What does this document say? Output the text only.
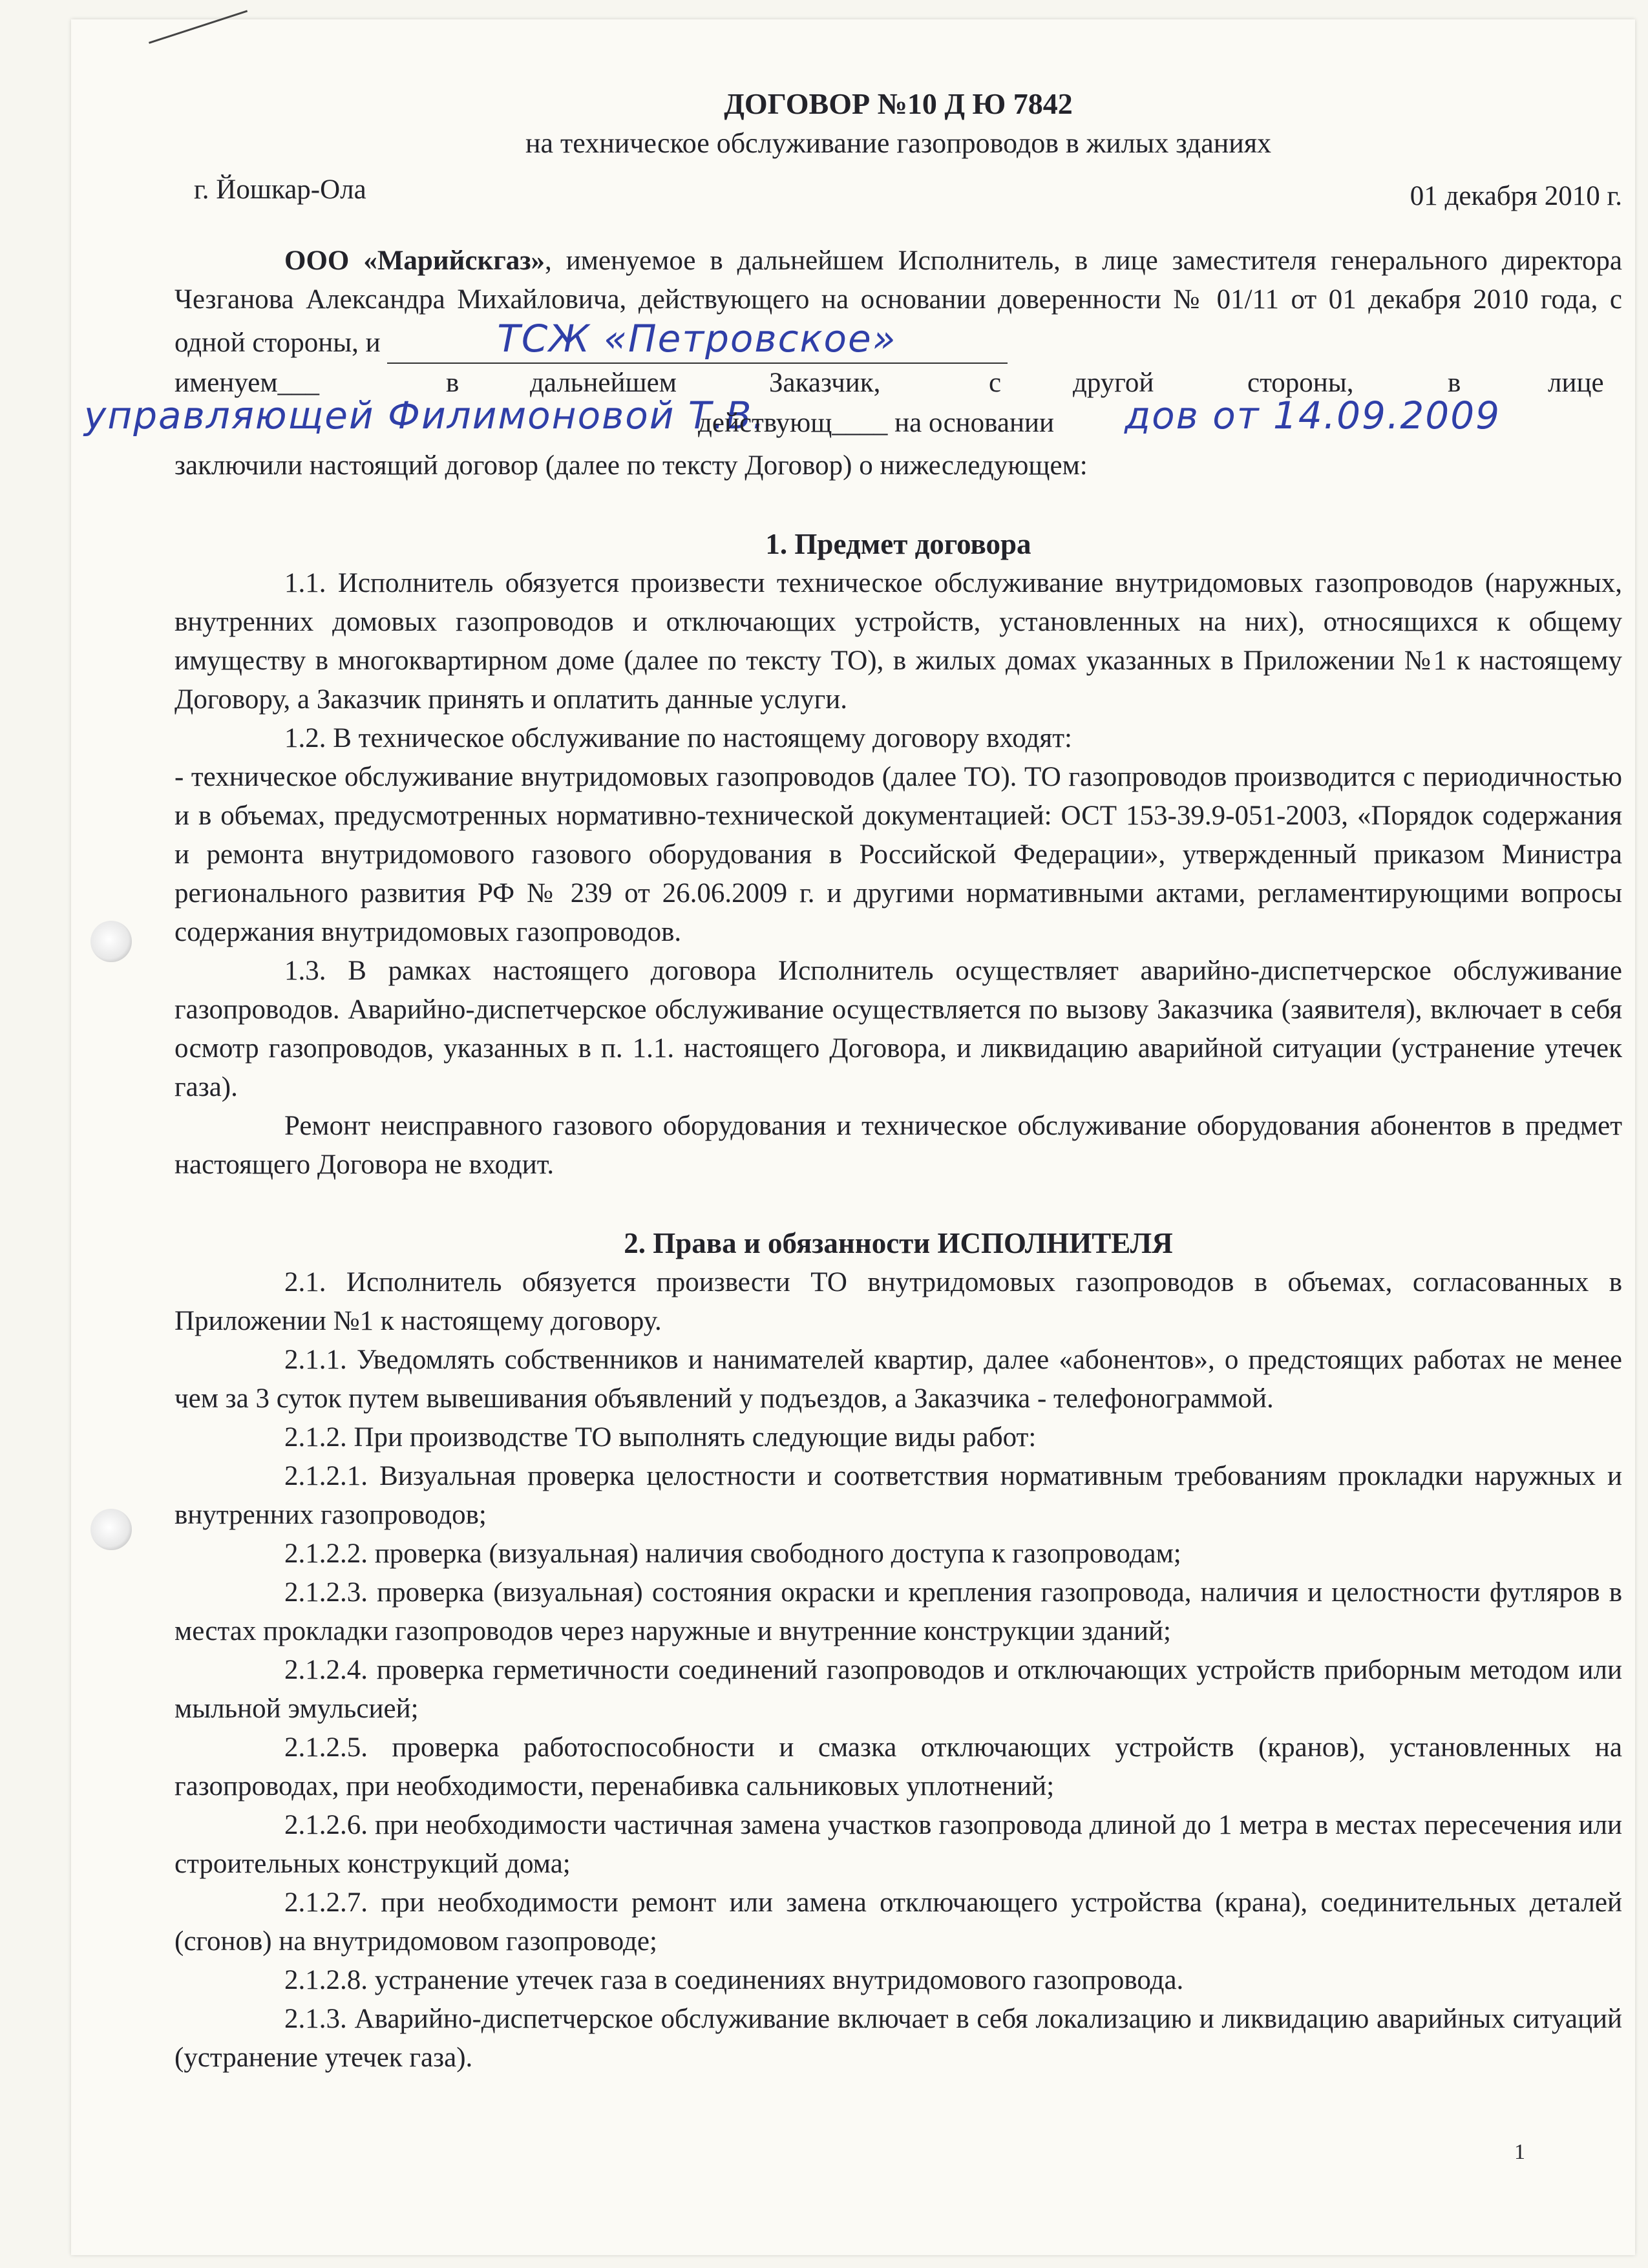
ДОГОВОР №10 Д Ю 7842
на техническое обслуживание газопроводов в жилых зданиях
г. Йошкар-Ола	01 декабря 2010 г.

ООО «Марийскгаз», именуемое в дальнейшем Исполнитель, в лице заместителя генерального директора Чезганова Александра Михайловича, действующего на основании доверенности № 01/11 от 01 декабря 2010 года, с одной стороны, и	ТСЖ «Петровское»

именуем___	в	дальнейшем	Заказчик,	с	другой	стороны,	в	лице
управляющей Филимоновой Т.В.
действующ____ на основании дов от 14.09.2009

заключили настоящий договор (далее по тексту Договор) о нижеследующем:

1. Предмет договора

1.1. Исполнитель обязуется произвести техническое обслуживание внутридомовых газопроводов (наружных, внутренних домовых газопроводов и отключающих устройств, установленных на них), относящихся к общему имуществу в многоквартирном доме (далее по тексту ТО), в жилых домах указанных в Приложении №1 к настоящему Договору, а Заказчик принять и оплатить данные услуги.

1.2. В техническое обслуживание по настоящему договору входят:

- техническое обслуживание внутридомовых газопроводов (далее ТО). ТО газопроводов производится с периодичностью и в объемах, предусмотренных нормативно-технической документацией: ОСТ 153-39.9-051-2003, «Порядок содержания и ремонта внутридомового газового оборудования в Российской Федерации», утвержденный приказом Министра регионального развития РФ № 239 от 26.06.2009 г. и другими нормативными актами, регламентирующими вопросы содержания внутридомовых газопроводов.

1.3. В рамках настоящего договора Исполнитель осуществляет аварийно-диспетчерское обслуживание газопроводов. Аварийно-диспетчерское обслуживание осуществляется по вызову Заказчика (заявителя), включает в себя осмотр газопроводов, указанных в п. 1.1. настоящего Договора, и ликвидацию аварийной ситуации (устранение утечек газа).

Ремонт неисправного газового оборудования и техническое обслуживание оборудования абонентов в предмет настоящего Договора не входит.

2. Права и обязанности ИСПОЛНИТЕЛЯ

2.1. Исполнитель обязуется произвести ТО внутридомовых газопроводов в объемах, согласованных в Приложении №1 к настоящему договору.

2.1.1. Уведомлять собственников и нанимателей квартир, далее «абонентов», о предстоящих работах не менее чем за 3 суток путем вывешивания объявлений у подъездов, а Заказчика - телефонограммой.

2.1.2. При производстве ТО выполнять следующие виды работ:

2.1.2.1. Визуальная проверка целостности и соответствия нормативным требованиям прокладки наружных и внутренних газопроводов;

2.1.2.2. проверка (визуальная) наличия свободного доступа к газопроводам;

2.1.2.3. проверка (визуальная) состояния окраски и крепления газопровода, наличия и целостности футляров в местах прокладки газопроводов через наружные и внутренние конструкции зданий;

2.1.2.4. проверка герметичности соединений газопроводов и отключающих устройств приборным методом или мыльной эмульсией;

2.1.2.5. проверка работоспособности и смазка отключающих устройств (кранов), установленных на газопроводах, при необходимости, перенабивка сальниковых уплотнений;

2.1.2.6. при необходимости частичная замена участков газопровода длиной до 1 метра в местах пересечения или строительных конструкций дома;

2.1.2.7. при необходимости ремонт или замена отключающего устройства (крана), соединительных деталей (сгонов) на внутридомовом газопроводе;

2.1.2.8. устранение утечек газа в соединениях внутридомового газопровода.

2.1.3. Аварийно-диспетчерское обслуживание включает в себя локализацию и ликвидацию аварийных ситуаций (устранение утечек газа).

1
